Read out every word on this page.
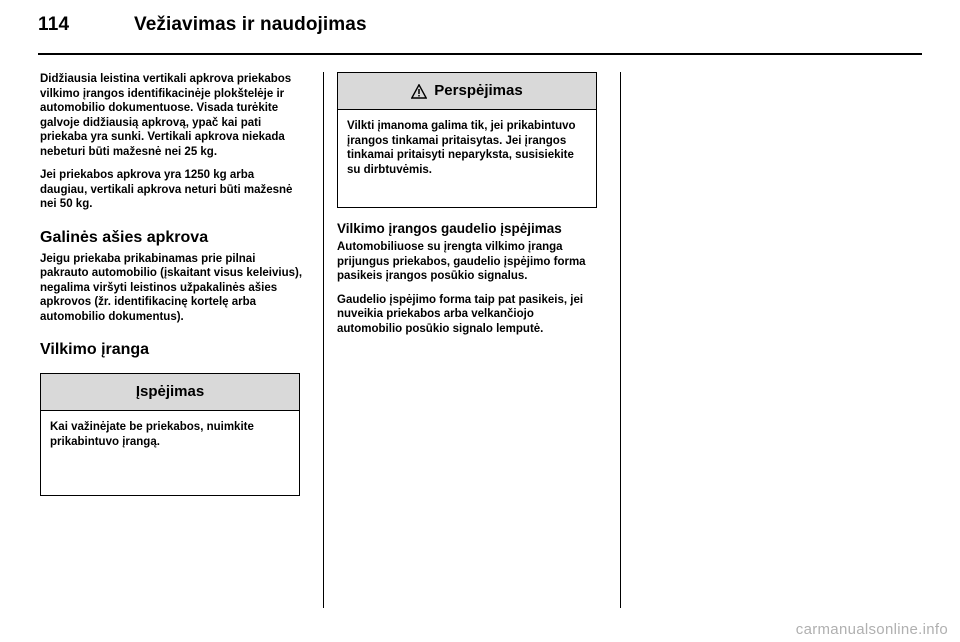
114	Vežiavimas ir naudojimas

Didžiausia leistina vertikali apkrova priekabos vilkimo įrangos identifikacinėje plokštelėje ir automobilio dokumentuose. Visada turėkite galvoje didžiausią apkrovą, ypač kai pati priekaba yra sunki. Vertikali apkrova niekada nebeturi būti mažesnė nei 25 kg.

Jei priekabos apkrova yra 1250 kg arba daugiau, vertikali apkrova neturi būti mažesnė nei 50 kg.

Galinės ašies apkrova

Jeigu priekaba prikabinamas prie pilnai pakrauto automobilio (įskaitant visus keleivius), negalima viršyti leistinos užpakalinės ašies apkrovos (žr. identifikacinę kortelę arba automobilio dokumentus).

Vilkimo įranga
Įspėjimas
Kai važinėjate be priekabos, nuimkite prikabintuvo įrangą.
Perspėjimas
Vilkti įmanoma galima tik, jei prikabintuvo įrangos tinkamai pritaisytas. Jei įrangos tinkamai pritaisyti neparyksta, susisiekite su dirbtuvėmis.
Vilkimo įrangos gaudelio įspėjimas

Automobiliuose su įrengta vilkimo įranga prijungus priekabos, gaudelio įspėjimo forma pasikeis įrangos posūkio signalus.

Gaudelio įspėjimo forma taip pat pasikeis, jei nuveikia priekabos arba velkančiojo automobilio posūkio signalo lemputė.

carmanualsonline.info
